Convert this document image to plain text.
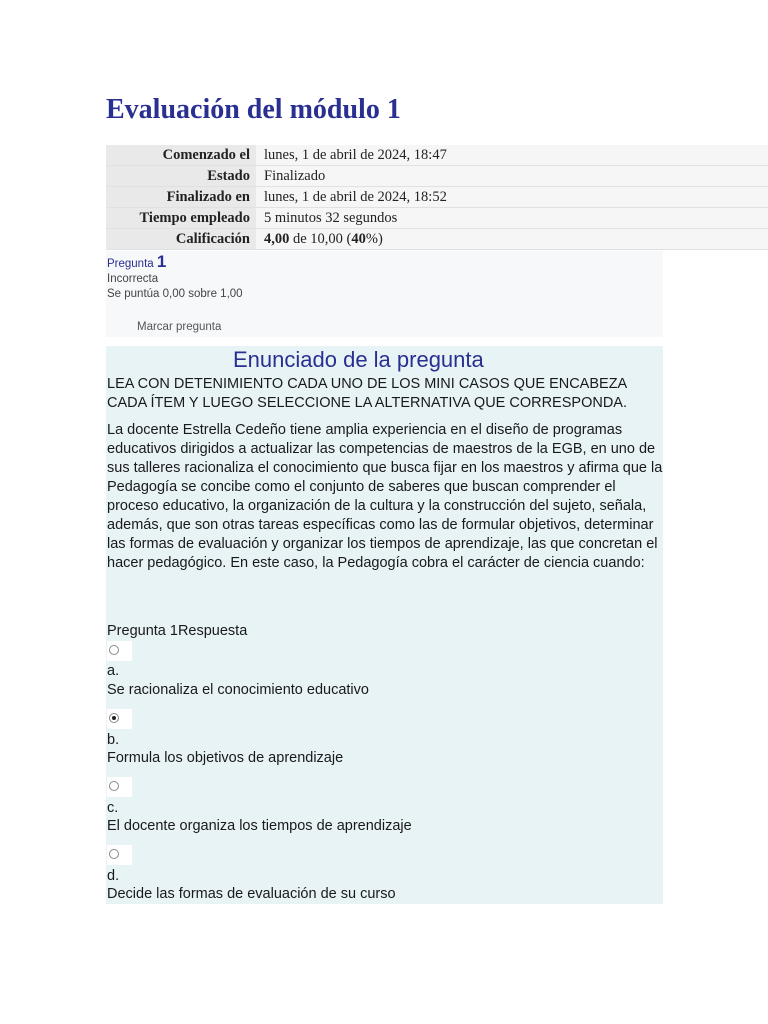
Evaluación del módulo 1
Comenzado el	lunes, 1 de abril de 2024, 18:47
Estado	Finalizado
Finalizado en	lunes, 1 de abril de 2024, 18:52
Tiempo empleado	5 minutos 32 segundos
Calificación	4,00 de 10,00 (40%)
Pregunta 1
Incorrecta
Se puntúa 0,00 sobre 1,00
Marcar pregunta
Enunciado de la pregunta
LEA CON DETENIMIENTO CADA UNO DE LOS MINI CASOS QUE ENCABEZA CADA ÍTEM Y LUEGO SELECCIONE LA ALTERNATIVA QUE CORRESPONDA.
La docente Estrella Cedeño tiene amplia experiencia en el diseño de programas educativos dirigidos a actualizar las competencias de maestros de la EGB, en uno de sus talleres racionaliza el conocimiento que busca fijar en los maestros y afirma que la Pedagogía se concibe como el conjunto de saberes que buscan comprender el proceso educativo, la organización de la cultura y la construcción del sujeto, señala, además, que son otras tareas específicas como las de formular objetivos, determinar las formas de evaluación y organizar los tiempos de aprendizaje, las que concretan el hacer pedagógico. En este caso, la Pedagogía cobra el carácter de ciencia cuando:
Pregunta 1Respuesta
a.
Se racionaliza el conocimiento educativo
b.
Formula los objetivos de aprendizaje
c.
El docente organiza los tiempos de aprendizaje
d.
Decide las formas de evaluación de su curso
